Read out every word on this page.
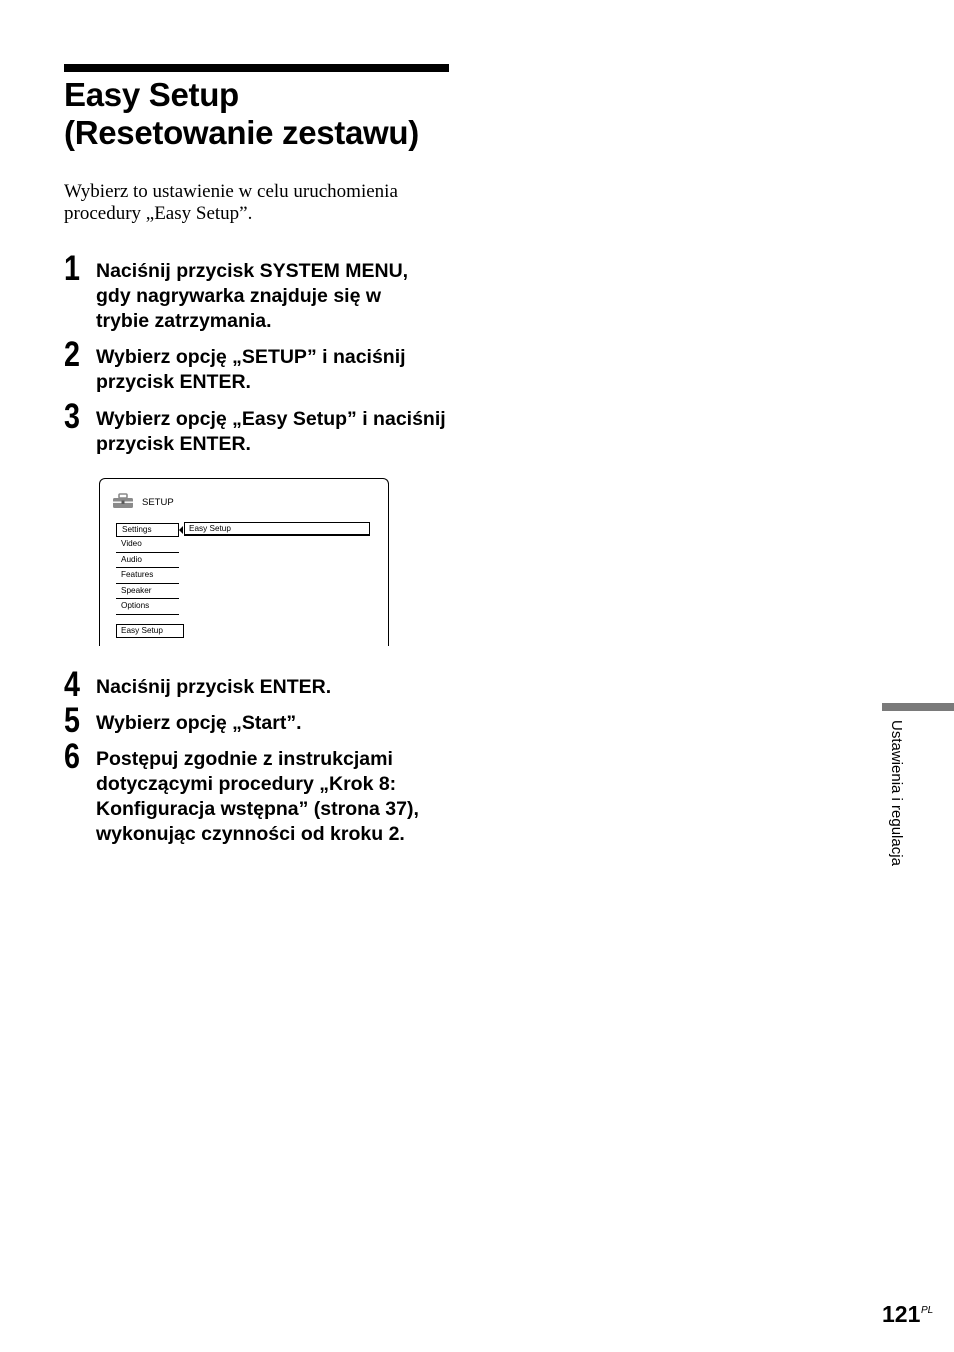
Easy Setup
(Resetowanie zestawu)

Wybierz to ustawienie w celu uruchomienia
procedury „Easy Setup”.

1 Naciśnij przycisk SYSTEM MENU,
gdy nagrywarka znajduje się w
trybie zatrzymania.
2 Wybierz opcję „SETUP” i naciśnij
przycisk ENTER.
3 Wybierz opcję „Easy Setup” i naciśnij
przycisk ENTER.
SETUP
Settings
Video
Audio
Features
Speaker
Options
Easy Setup
Easy Setup
4 Naciśnij przycisk ENTER.
5 Wybierz opcję „Start”.
6 Postępuj zgodnie z instrukcjami
dotyczącymi procedury „Krok 8:
Konfiguracja wstępna” (strona 37),
wykonując czynności od kroku 2.	Ustawienia i regulacja
121 PL
